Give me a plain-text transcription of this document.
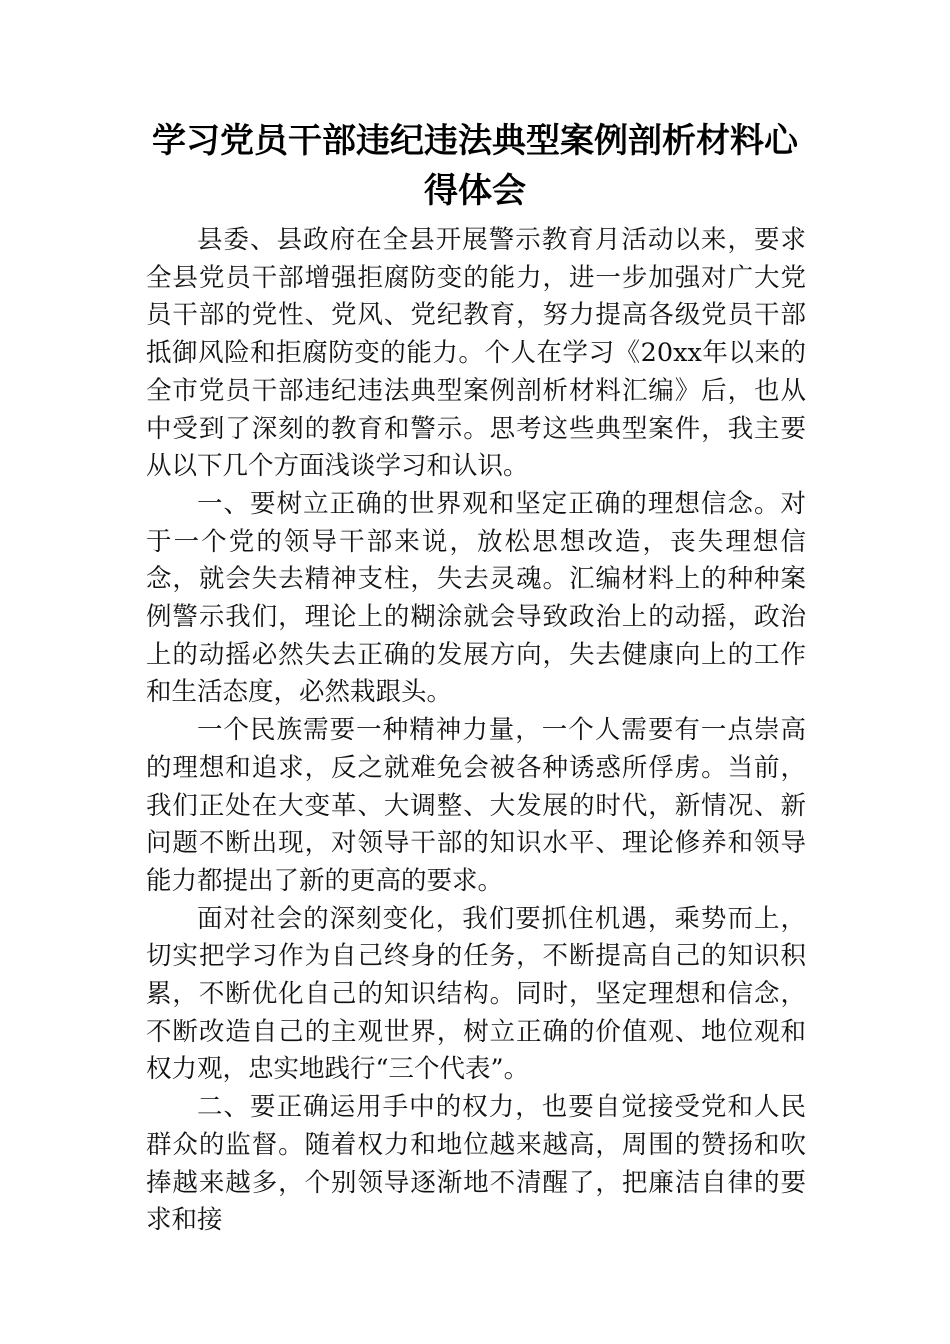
学习党员干部违纪违法典型案例剖析材料心得体会

县委、县政府在全县开展警示教育月活动以来，要求全县党员干部增强拒腐防变的能力，进一步加强对广大党员干部的党性、党风、党纪教育，努力提高各级党员干部抵御风险和拒腐防变的能力。个人在学习《20xx年以来的全市党员干部违纪违法典型案例剖析材料汇编》后，也从中受到了深刻的教育和警示。思考这些典型案件，我主要从以下几个方面浅谈学习和认识。

一、要树立正确的世界观和坚定正确的理想信念。对于一个党的领导干部来说，放松思想改造，丧失理想信念，就会失去精神支柱，失去灵魂。汇编材料上的种种案例警示我们，理论上的糊涂就会导致政治上的动摇，政治上的动摇必然失去正确的发展方向，失去健康向上的工作和生活态度，必然栽跟头。

一个民族需要一种精神力量，一个人需要有一点崇高的理想和追求，反之就难免会被各种诱惑所俘虏。当前，我们正处在大变革、大调整、大发展的时代，新情况、新问题不断出现，对领导干部的知识水平、理论修养和领导能力都提出了新的更高的要求。

面对社会的深刻变化，我们要抓住机遇，乘势而上，切实把学习作为自己终身的任务，不断提高自己的知识积累，不断优化自己的知识结构。同时，坚定理想和信念，不断改造自己的主观世界，树立正确的价值观、地位观和权力观，忠实地践行“三个代表”。

二、要正确运用手中的权力，也要自觉接受党和人民群众的监督。随着权力和地位越来越高，周围的赞扬和吹捧越来越多，个别领导逐渐地不清醒了，把廉洁自律的要求和接
